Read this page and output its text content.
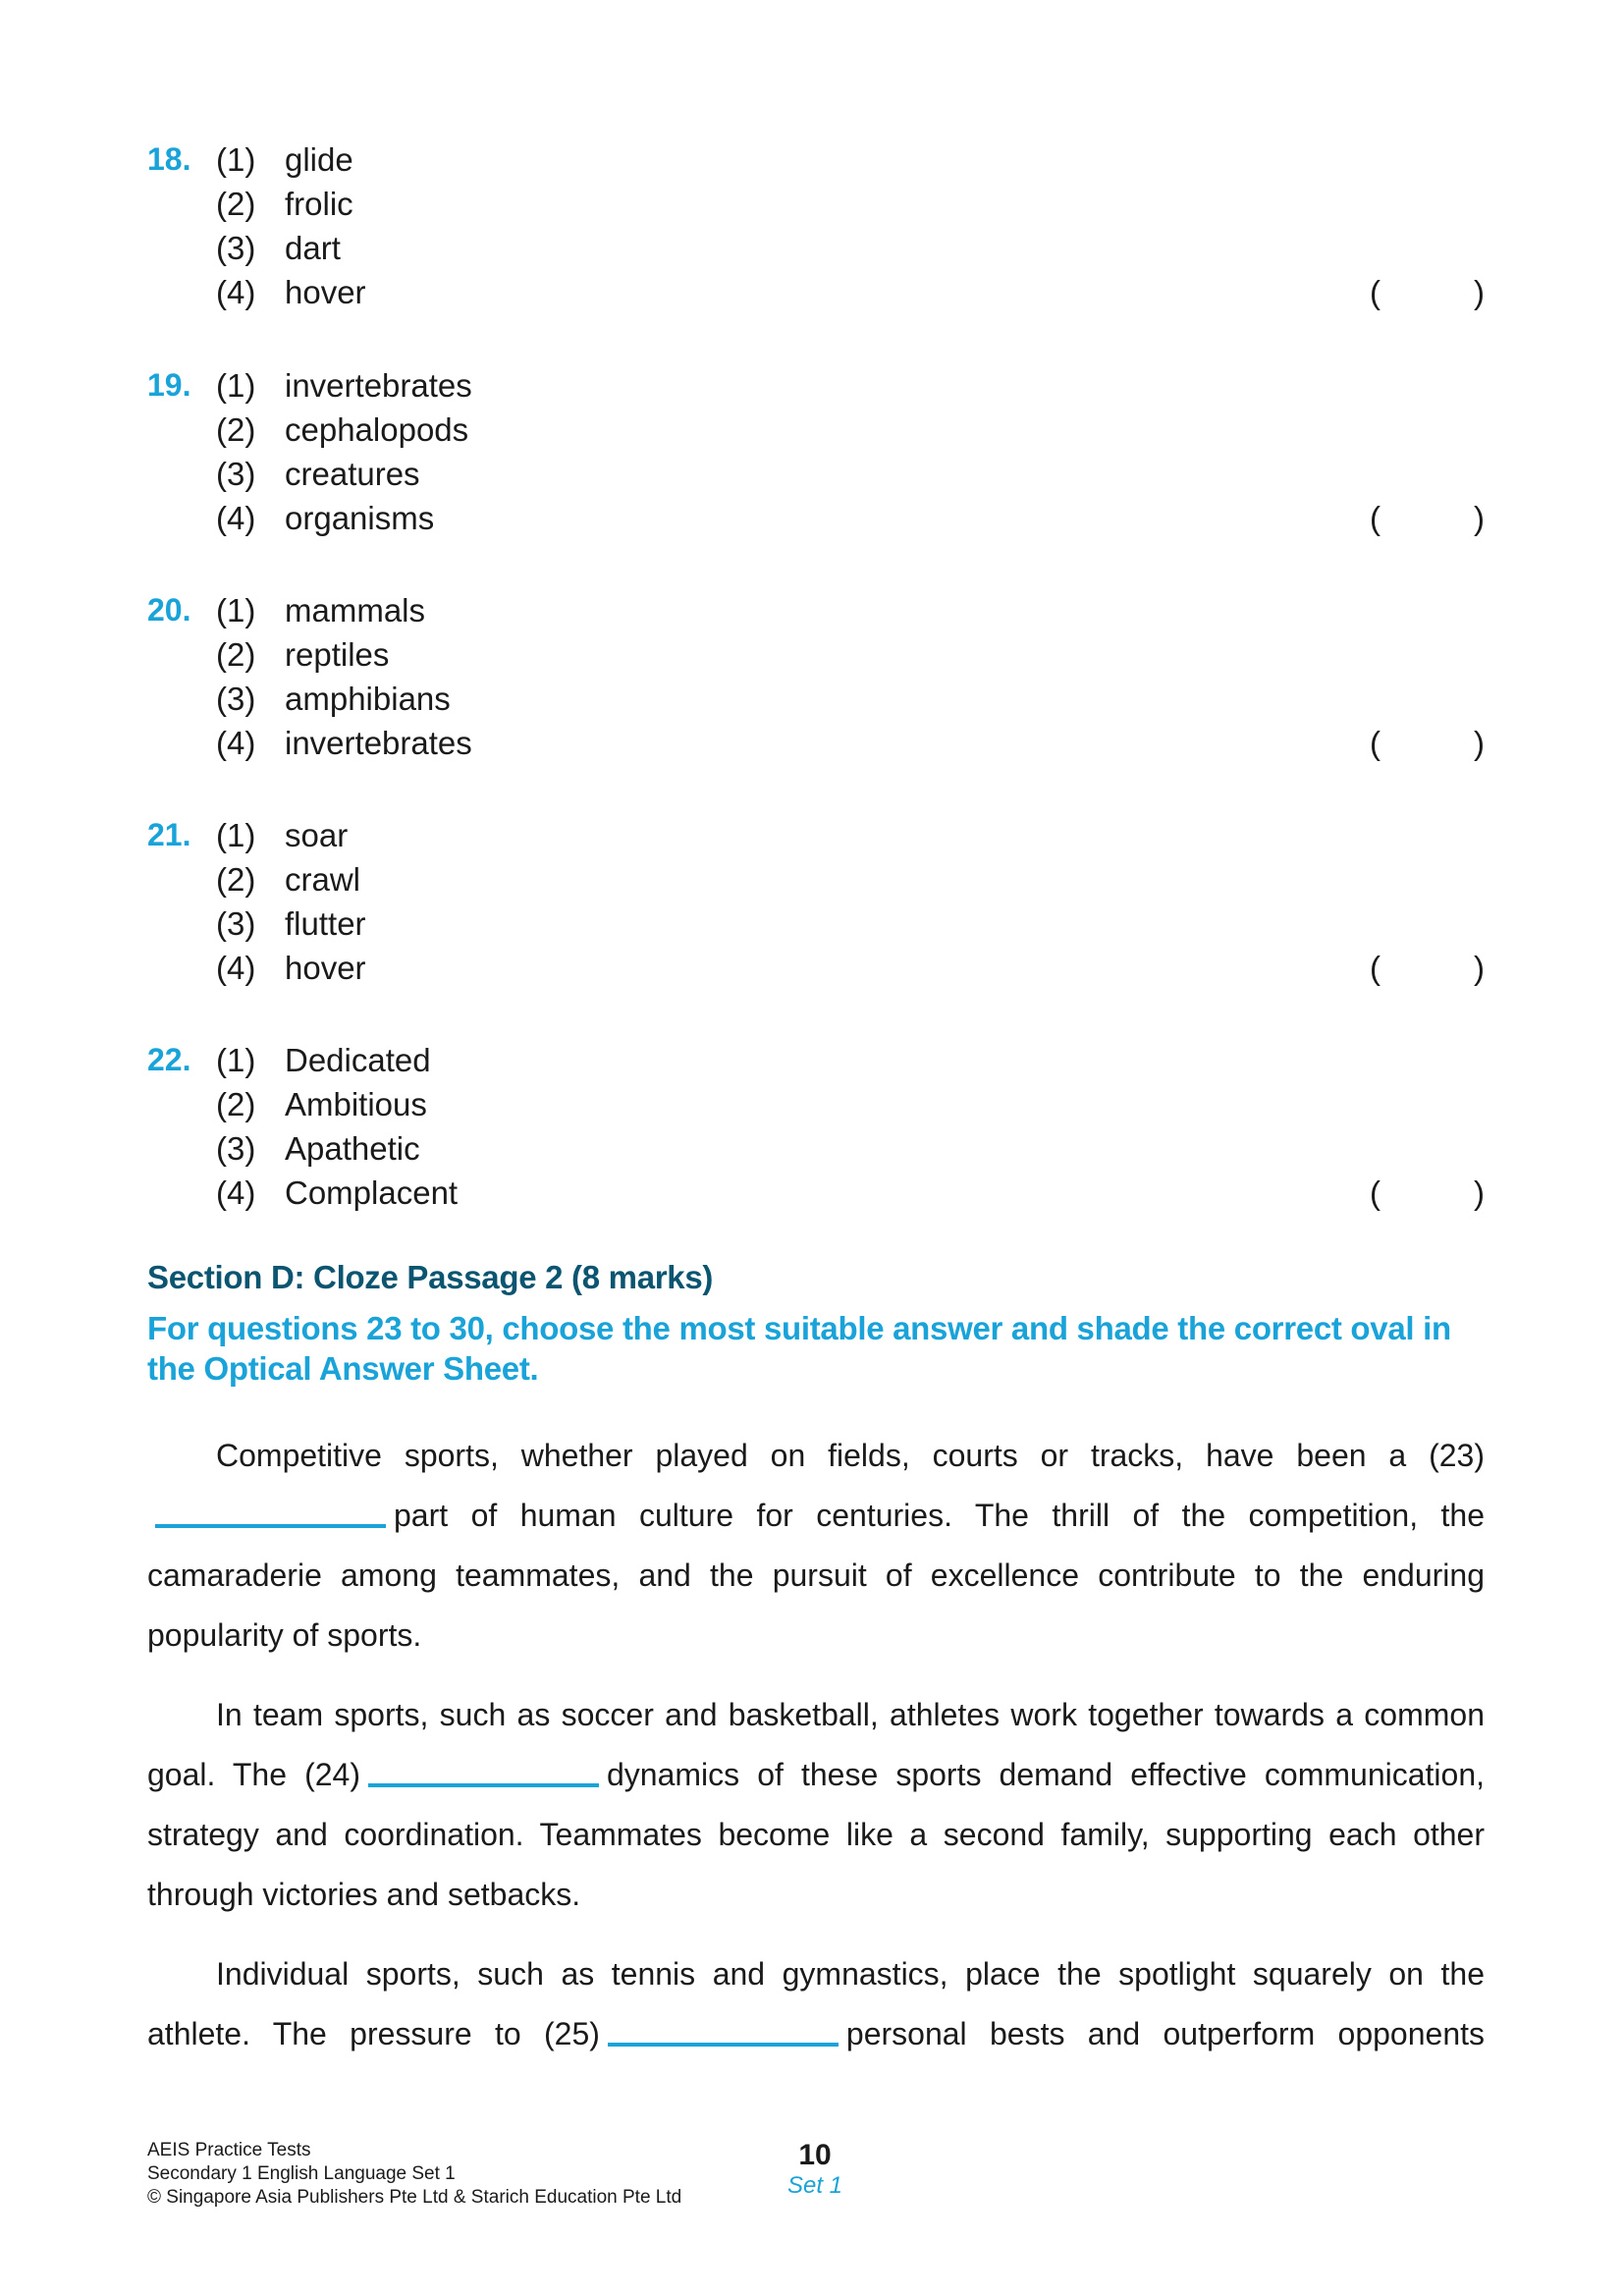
18. (1) glide
(2) frolic
(3) dart
(4) hover	(	)
19. (1) invertebrates
(2) cephalopods
(3) creatures
(4) organisms	(	)
20. (1) mammals
(2) reptiles
(3) amphibians
(4) invertebrates	(	)
21. (1) soar
(2) crawl
(3) flutter
(4) hover	(	)
22. (1) Dedicated
(2) Ambitious
(3) Apathetic
(4) Complacent	(	)
Section D: Cloze Passage 2 (8 marks)
For questions 23 to 30, choose the most suitable answer and shade the correct oval in the Optical Answer Sheet.
Competitive sports, whether played on fields, courts or tracks, have been a (23)part of human culture for centuries. The thrill of the competition, the camaraderie among teammates, and the pursuit of excellence contribute to the enduring popularity of sports.
In team sports, such as soccer and basketball, athletes work together towards a common goal. The (24)	dynamics of these sports demand effective communication, strategy and coordination. Teammates become like a second family, supporting each other through victories and setbacks.
Individual sports, such as tennis and gymnastics, place the spotlight squarely on the athlete. The pressure to (25)	personal bests and outperform opponents
AEIS Practice Tests
Secondary 1 English Language Set 1
© Singapore Asia Publishers Pte Ltd & Starich Education Pte Ltd
10
Set 1
